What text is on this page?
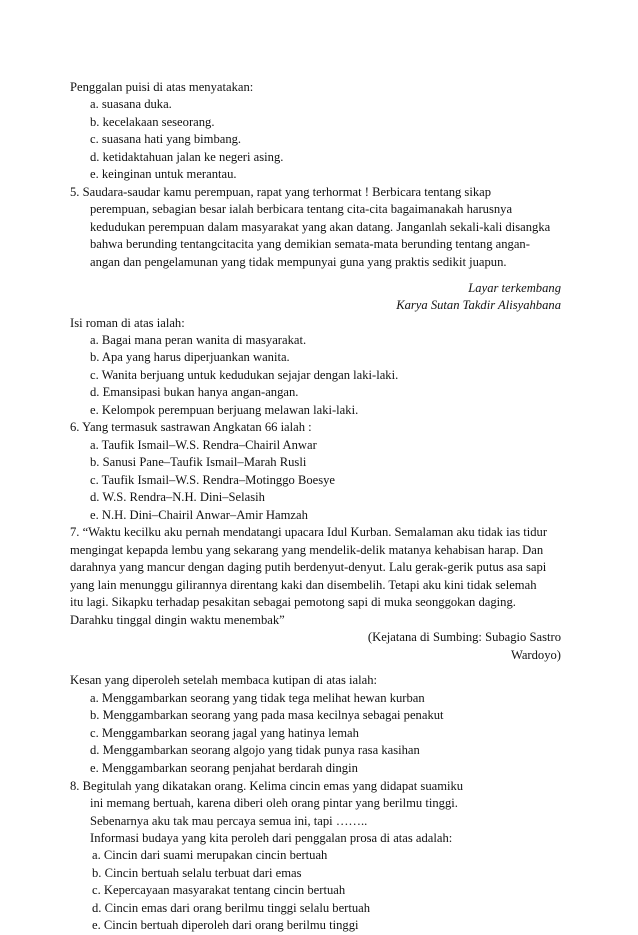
Penggalan puisi di atas menyatakan:
a. suasana duka.
b. kecelakaan seseorang.
c. suasana hati yang bimbang.
d. ketidaktahuan jalan ke negeri asing.
e. keinginan untuk merantau.
5. Saudara-saudar kamu perempuan, rapat yang terhormat ! Berbicara tentang sikap
perempuan, sebagian besar ialah berbicara tentang cita-cita bagaimanakah harusnya
kedudukan perempuan dalam masyarakat yang akan datang. Janganlah sekali-kali disangka
bahwa berunding tentangcitacita yang demikian semata-mata berunding tentang angan-
angan dan pengelamunan yang tidak mempunyai guna yang praktis sedikit juapun.
Layar terkembang
Karya Sutan Takdir Alisyahbana
Isi roman di atas ialah:
a. Bagai mana peran wanita di masyarakat.
b. Apa yang harus diperjuankan wanita.
c. Wanita berjuang untuk kedudukan sejajar dengan laki-laki.
d. Emansipasi bukan hanya angan-angan.
e. Kelompok perempuan berjuang melawan laki-laki.
6. Yang termasuk sastrawan Angkatan 66 ialah :
a. Taufik Ismail–W.S. Rendra–Chairil Anwar
b. Sanusi Pane–Taufik Ismail–Marah Rusli
c. Taufik Ismail–W.S. Rendra–Motinggo Boesye
d. W.S. Rendra–N.H. Dini–Selasih
e. N.H. Dini–Chairil Anwar–Amir Hamzah
7. “Waktu kecilku aku pernah mendatangi upacara Idul Kurban. Semalaman aku tidak ias tidur
mengingat kepapda lembu yang sekarang yang mendelik-delik matanya kehabisan harap. Dan
darahnya yang mancur dengan daging putih berdenyut-denyut. Lalu gerak-gerik putus asa sapi
yang lain menunggu gilirannya direntang kaki dan disembelih. Tetapi aku kini tidak selemah
itu lagi. Sikapku terhadap pesakitan sebagai pemotong sapi di muka seonggokan daging.
Darahku tinggal dingin waktu menembak”
(Kejatana di Sumbing: Subagio Sastro
Wardoyo)
Kesan yang diperoleh setelah membaca kutipan di atas ialah:
a. Menggambarkan seorang yang tidak tega melihat hewan kurban
b. Menggambarkan seorang yang pada masa kecilnya sebagai penakut
c. Menggambarkan seorang jagal yang hatinya lemah
d. Menggambarkan seorang algojo yang tidak punya rasa kasihan
e. Menggambarkan seorang penjahat berdarah dingin
8. Begitulah yang dikatakan orang. Kelima cincin emas yang didapat suamiku
ini memang bertuah, karena diberi oleh orang pintar yang berilmu tinggi.
Sebenarnya aku tak mau percaya semua ini, tapi ……..
Informasi budaya yang kita peroleh dari penggalan prosa di atas adalah:
a. Cincin dari suami merupakan cincin bertuah
b. Cincin bertuah selalu terbuat dari emas
c. Kepercayaan masyarakat tentang cincin bertuah
d. Cincin emas dari orang berilmu tinggi selalu bertuah
e. Cincin bertuah diperoleh dari orang berilmu tinggi
